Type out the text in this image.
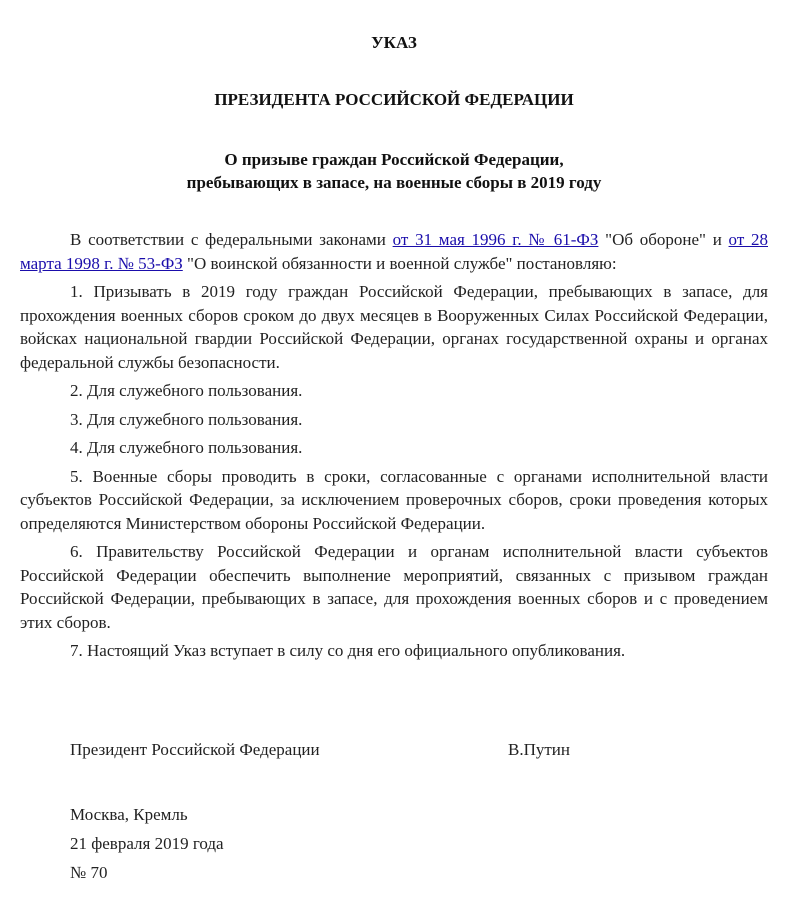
УКАЗ
ПРЕЗИДЕНТА РОССИЙСКОЙ ФЕДЕРАЦИИ
О призыве граждан Российской Федерации,
пребывающих в запасе, на военные сборы в 2019 году

В соответствии с федеральными законами от 31 мая 1996 г. № 61-ФЗ "Об обороне" и от 28 марта 1998 г. № 53-ФЗ "О воинской обязанности и военной службе" постановляю:

1. Призывать в 2019 году граждан Российской Федерации, пребывающих в запасе, для прохождения военных сборов сроком до двух месяцев в Вооруженных Силах Российской Федерации, войсках национальной гвардии Российской Федерации, органах государственной охраны и органах федеральной службы безопасности.

2. Для служебного пользования.

3. Для служебного пользования.

4. Для служебного пользования.

5. Военные сборы проводить в сроки, согласованные с органами исполнительной власти субъектов Российской Федерации, за исключением проверочных сборов, сроки проведения которых определяются Министерством обороны Российской Федерации.

6. Правительству Российской Федерации и органам исполнительной власти субъектов Российской Федерации обеспечить выполнение мероприятий, связанных с призывом граждан Российской Федерации, пребывающих в запасе, для прохождения военных сборов и с проведением этих сборов.

7. Настоящий Указ вступает в силу со дня его официального опубликования.

Президент Российской Федерации	В.Путин
Москва, Кремль
21 февраля 2019 года
№ 70
